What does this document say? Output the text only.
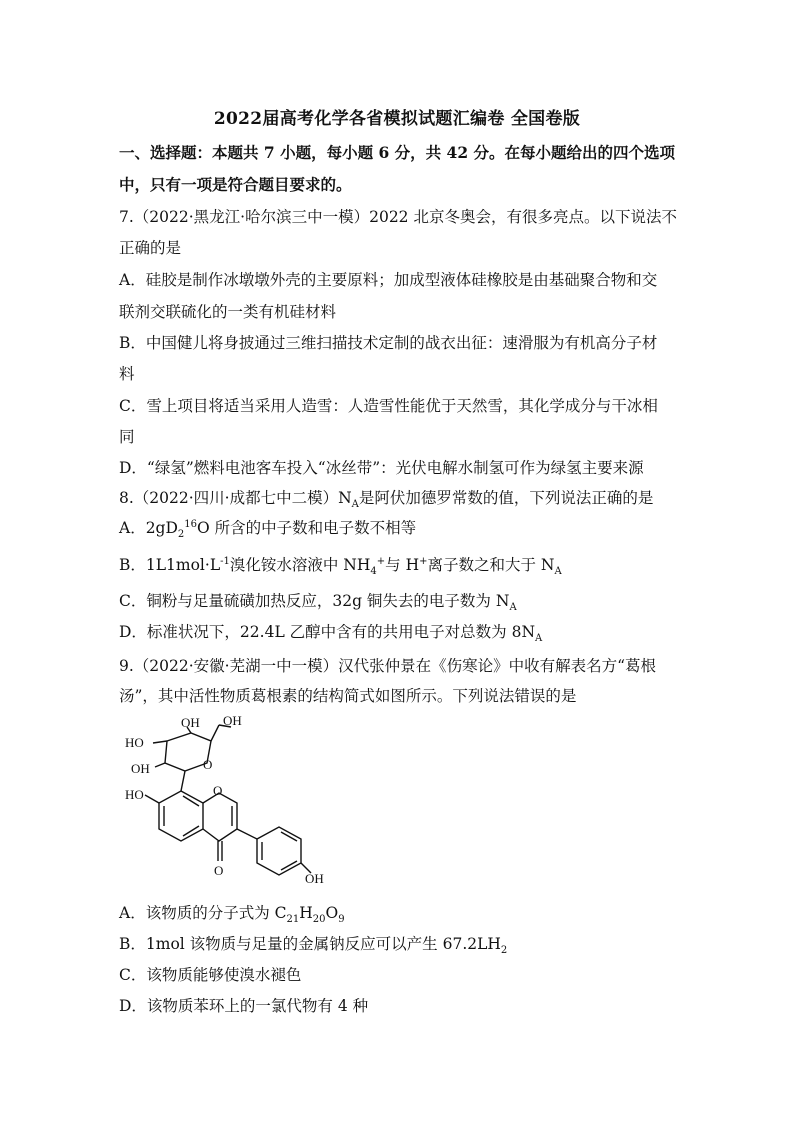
2022届高考化学各省模拟试题汇编卷 全国卷版
一、选择题：本题共 7 小题，每小题 6 分，共 42 分。在每小题给出的四个选项
中，只有一项是符合题目要求的。
7.（2022·黑龙江·哈尔滨三中一模）2022 北京冬奥会，有很多亮点。以下说法不
正确的是
A．硅胶是制作冰墩墩外壳的主要原料；加成型液体硅橡胶是由基础聚合物和交
联剂交联硫化的一类有机硅材料
B．中国健儿将身披通过三维扫描技术定制的战衣出征：速滑服为有机高分子材
料
C．雪上项目将适当采用人造雪：人造雪性能优于天然雪，其化学成分与干冰相
同
D．“绿氢”燃料电池客车投入“冰丝带”：光伏电解水制氢可作为绿氢主要来源
8.（2022·四川·成都七中二模）$N_A$是阿伏加德罗常数的值，下列说法正确的是
A．$2gD_2^{16}O$ 所含的中子数和电子数不相等
B．$1L1mol\cdot L^{-1}$溴化铵水溶液中 $NH_4^+$与 H+离子数之和大于 $N_A$
C．铜粉与足量硫磺加热反应，32g 铜失去的电子数为 $N_A$
D．标准状况下，22.4L 乙醇中含有的共用电子对总数为 $8N_A$
9.（2022·安徽·芜湖一中一模）汉代张仲景在《伤寒论》中收有解表名方“葛根
汤”，其中活性物质葛根素的结构简式如图所示。下列说法错误的是
OH OH
HO
OH	O
HO	O
O
OH
A．该物质的分子式为 $C_{21}H_{20}O_9$
B．1mol 该物质与足量的金属钠反应可以产生 $67.2LH_2$
C．该物质能够使溴水褪色
D．该物质苯环上的一氯代物有 4 种
